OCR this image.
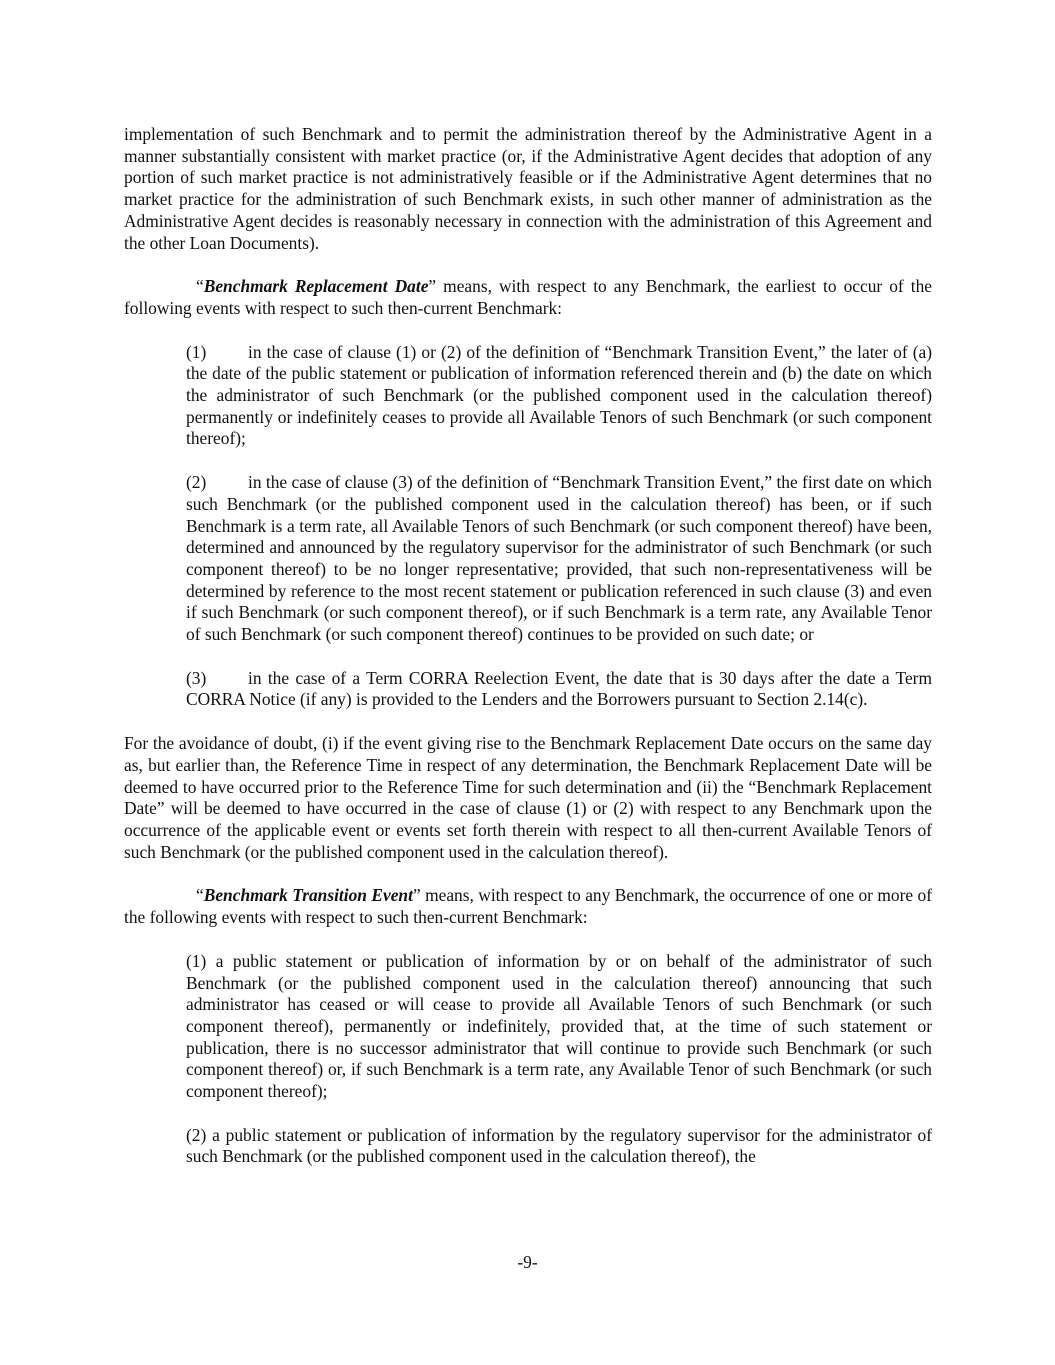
implementation of such Benchmark and to permit the administration thereof by the Administrative Agent in a manner substantially consistent with market practice (or, if the Administrative Agent decides that adoption of any portion of such market practice is not administratively feasible or if the Administrative Agent determines that no market practice for the administration of such Benchmark exists, in such other manner of administration as the Administrative Agent decides is reasonably necessary in connection with the administration of this Agreement and the other Loan Documents).

“Benchmark Replacement Date” means, with respect to any Benchmark, the earliest to occur of the following events with respect to such then-current Benchmark:

(1) in the case of clause (1) or (2) of the definition of “Benchmark Transition Event,” the later of (a) the date of the public statement or publication of information referenced therein and (b) the date on which the administrator of such Benchmark (or the published component used in the calculation thereof) permanently or indefinitely ceases to provide all Available Tenors of such Benchmark (or such component thereof);

(2) in the case of clause (3) of the definition of “Benchmark Transition Event,” the first date on which such Benchmark (or the published component used in the calculation thereof) has been, or if such Benchmark is a term rate, all Available Tenors of such Benchmark (or such component thereof) have been, determined and announced by the regulatory supervisor for the administrator of such Benchmark (or such component thereof) to be no longer representative; provided, that such non-representativeness will be determined by reference to the most recent statement or publication referenced in such clause (3) and even if such Benchmark (or such component thereof), or if such Benchmark is a term rate, any Available Tenor of such Benchmark (or such component thereof) continues to be provided on such date; or

(3) in the case of a Term CORRA Reelection Event, the date that is 30 days after the date a Term CORRA Notice (if any) is provided to the Lenders and the Borrowers pursuant to Section 2.14(c).

For the avoidance of doubt, (i) if the event giving rise to the Benchmark Replacement Date occurs on the same day as, but earlier than, the Reference Time in respect of any determination, the Benchmark Replacement Date will be deemed to have occurred prior to the Reference Time for such determination and (ii) the “Benchmark Replacement Date” will be deemed to have occurred in the case of clause (1) or (2) with respect to any Benchmark upon the occurrence of the applicable event or events set forth therein with respect to all then-current Available Tenors of such Benchmark (or the published component used in the calculation thereof).

“Benchmark Transition Event” means, with respect to any Benchmark, the occurrence of one or more of the following events with respect to such then-current Benchmark:

(1) a public statement or publication of information by or on behalf of the administrator of such Benchmark (or the published component used in the calculation thereof) announcing that such administrator has ceased or will cease to provide all Available Tenors of such Benchmark (or such component thereof), permanently or indefinitely, provided that, at the time of such statement or publication, there is no successor administrator that will continue to provide such Benchmark (or such component thereof) or, if such Benchmark is a term rate, any Available Tenor of such Benchmark (or such component thereof);

(2) a public statement or publication of information by the regulatory supervisor for the administrator of such Benchmark (or the published component used in the calculation thereof), the

-9-
